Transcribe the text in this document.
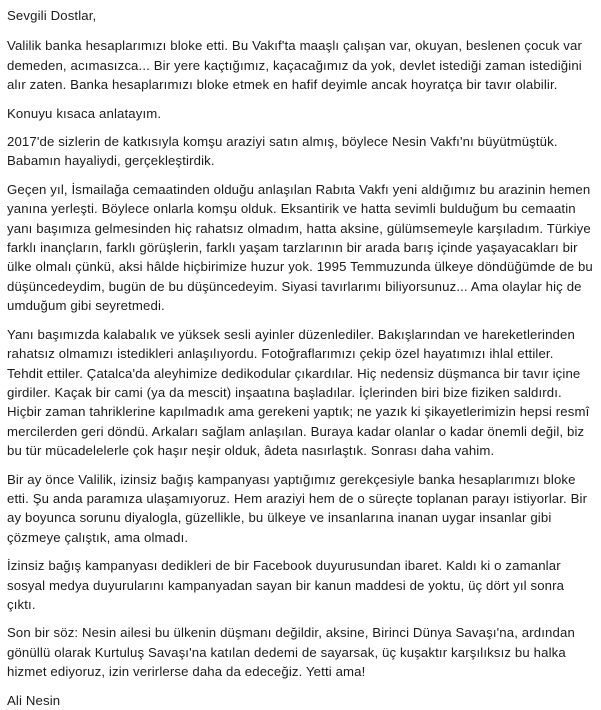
Sevgili Dostlar,

Valilik banka hesaplarımızı bloke etti. Bu Vakıf'ta maaşlı çalışan var, okuyan, beslenen çocuk var demeden, acımasızca... Bir yere kaçtığımız, kaçacağımız da yok, devlet istediği zaman istediğini alır zaten. Banka hesaplarımızı bloke etmek en hafif deyimle ancak hoyratça bir tavır olabilir.

Konuyu kısaca anlatayım.

2017'de sizlerin de katkısıyla komşu araziyi satın almış, böylece Nesin Vakfı'nı büyütmüştük. Babamın hayaliydi, gerçekleştirdik.

Geçen yıl, İsmailağa cemaatinden olduğu anlaşılan Rabıta Vakfı yeni aldığımız bu arazinin hemen yanına yerleşti. Böylece onlarla komşu olduk. Eksantirik ve hatta sevimli bulduğum bu cemaatin yanı başımıza gelmesinden hiç rahatsız olmadım, hatta aksine, gülümsemeyle karşıladım. Türkiye farklı inançların, farklı görüşlerin, farklı yaşam tarzlarının bir arada barış içinde yaşayacakları bir ülke olmalı çünkü, aksi hâlde hiçbirimize huzur yok. 1995 Temmuzunda ülkeye döndüğümde de bu düşüncedeydim, bugün de bu düşüncedeyim. Siyasi tavırlarımı biliyorsunuz... Ama olaylar hiç de umduğum gibi seyretmedi.

Yanı başımızda kalabalık ve yüksek sesli ayinler düzenlediler. Bakışlarından ve hareketlerinden rahatsız olmamızı istedikleri anlaşılıyordu. Fotoğraflarımızı çekip özel hayatımızı ihlal ettiler. Tehdit ettiler. Çatalca'da aleyhimize dedikodular çıkardılar. Hiç nedensiz düşmanca bir tavır içine girdiler. Kaçak bir cami (ya da mescit) inşaatına başladılar. İçlerinden biri bize fiziken saldırdı. Hiçbir zaman tahriklerine kapılmadık ama gerekeni yaptık; ne yazık ki şikayetlerimizin hepsi resmî mercilerden geri döndü. Arkaları sağlam anlaşılan. Buraya kadar olanlar o kadar önemli değil, biz bu tür mücadelelerle çok haşır neşir olduk, âdeta nasırlaştık. Sonrası daha vahim.

Bir ay önce Valilik, izinsiz bağış kampanyası yaptığımız gerekçesiyle banka hesaplarımızı bloke etti. Şu anda paramıza ulaşamıyoruz. Hem araziyi hem de o süreçte toplanan parayı istiyorlar. Bir ay boyunca sorunu diyalogla, güzellikle, bu ülkeye ve insanlarına inanan uygar insanlar gibi çözmeye çalıştık, ama olmadı.

İzinsiz bağış kampanyası dedikleri de bir Facebook duyurusundan ibaret. Kaldı ki o zamanlar sosyal medya duyurularını kampanyadan sayan bir kanun maddesi de yoktu, üç dört yıl sonra çıktı.

Son bir söz: Nesin ailesi bu ülkenin düşmanı değildir, aksine, Birinci Dünya Savaşı'na, ardından gönüllü olarak Kurtuluş Savaşı'na katılan dedemi de sayarsak, üç kuşaktır karşılıksız bu halka hizmet ediyoruz, izin verirlerse daha da edeceğiz. Yetti ama!

Ali Nesin
